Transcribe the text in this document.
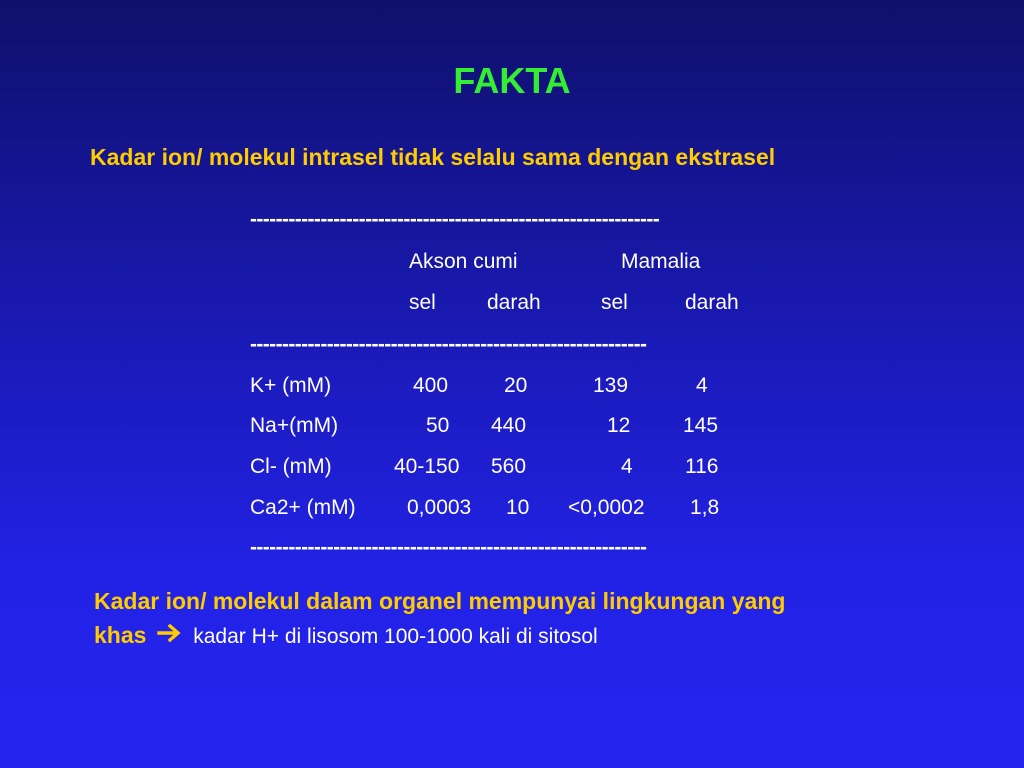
FAKTA
Kadar ion/ molekul intrasel tidak selalu sama dengan ekstrasel
----------------------------------------------------------------
Akson cumi	Mamalia
sel darah	sel	darah
--------------------------------------------------------------
K+ (mM)	400	20	139	4
Na+(mM)	50 440	12	145
Cl- (mM)	40-150 560	4 116
Ca2+ (mM) 0,0003 10 <0,0002 1,8
--------------------------------------------------------------
Kadar ion/ molekul dalam organel mempunyai lingkungan yang
khas kadar H+ di lisosom 100-1000 kali di sitosol
